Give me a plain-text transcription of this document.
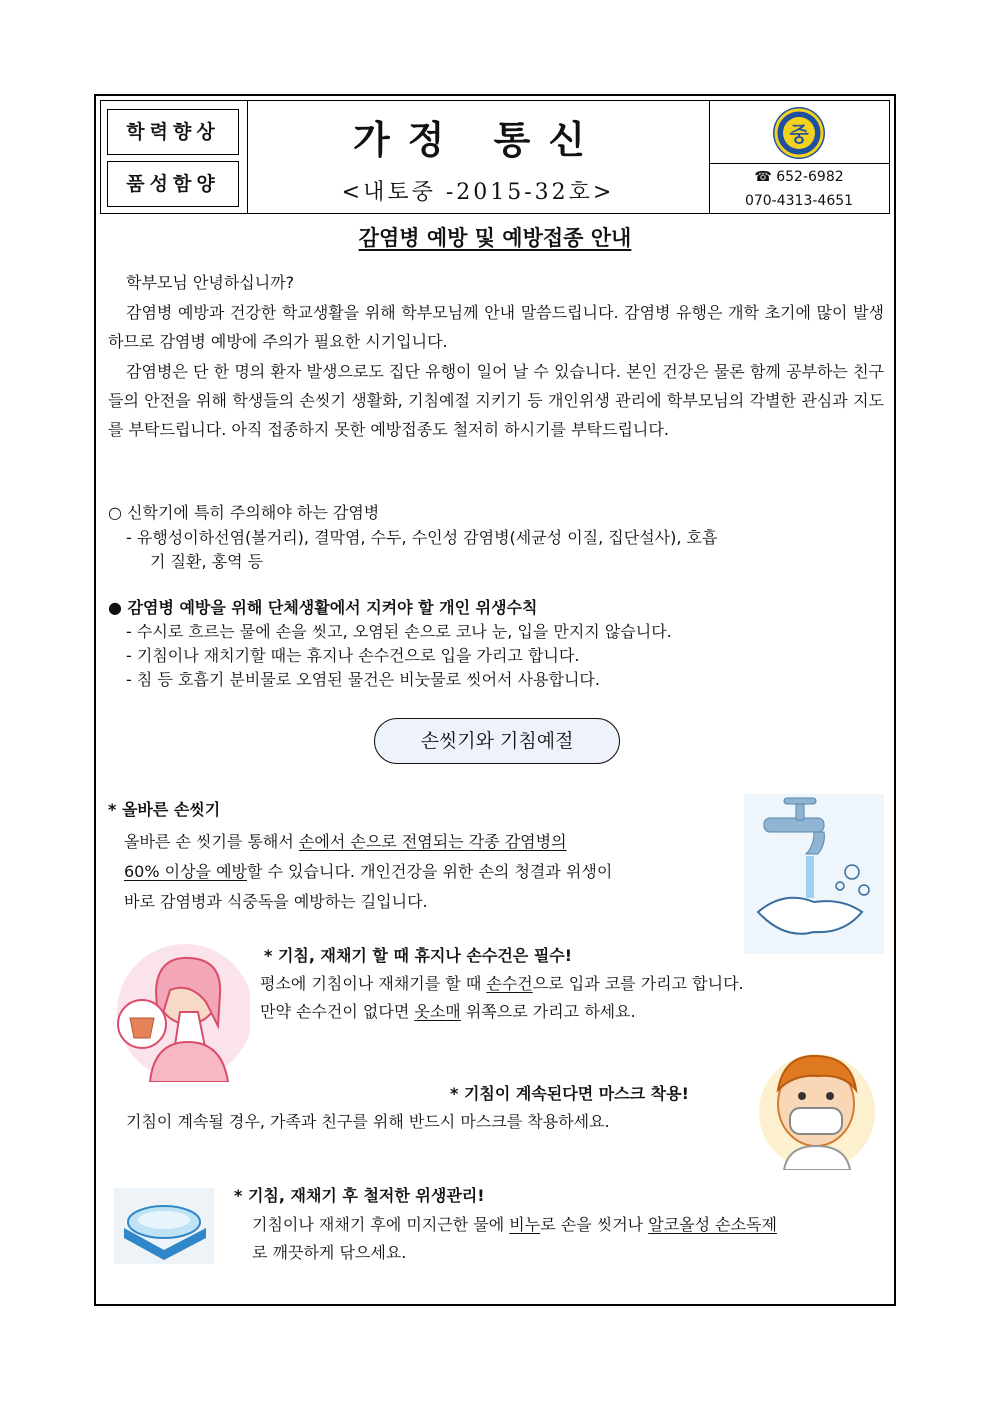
학력향상
품성함양
가정 통신
<내토중 -2015-32호>
중
☎ 652-6982
070-4313-4651
감염병 예방 및 예방접종 안내
학부모님 안녕하십니까?
감염병 예방과 건강한 학교생활을 위해 학부모님께 안내 말씀드립니다. 감염병 유행은 개학 초기에 많이 발생하므로 감염병 예방에 주의가 필요한 시기입니다.
감염병은 단 한 명의 환자 발생으로도 집단 유행이 일어 날 수 있습니다. 본인 건강은 물론 함께 공부하는 친구들의 안전을 위해 학생들의 손씻기 생활화, 기침예절 지키기 등 개인위생 관리에 학부모님의 각별한 관심과 지도를 부탁드립니다. 아직 접종하지 못한 예방접종도 철저히 하시기를 부탁드립니다.
○ 신학기에 특히 주의해야 하는 감염병
- 유행성이하선염(볼거리), 결막염, 수두, 수인성 감염병(세균성 이질, 집단설사), 호흡
기 질환, 홍역 등
● 감염병 예방을 위해 단체생활에서 지켜야 할 개인 위생수칙
- 수시로 흐르는 물에 손을 씻고, 오염된 손으로 코나 눈, 입을 만지지 않습니다.
- 기침이나 재치기할 때는 휴지나 손수건으로 입을 가리고 합니다.
- 침 등 호흡기 분비물로 오염된 물건은 비눗물로 씻어서 사용합니다.
손씻기와 기침예절
* 올바른 손씻기
올바른 손 씻기를 통해서 손에서 손으로 전염되는 각종 감염병의
60% 이상을 예방할 수 있습니다. 개인건강을 위한 손의 청결과 위생이
바로 감염병과 식중독을 예방하는 길입니다.
* 기침, 재채기 할 때 휴지나 손수건은 필수!
평소에 기침이나 재채기를 할 때 손수건으로 입과 코를 가리고 합니다.
만약 손수건이 없다면 옷소매 위쪽으로 가리고 하세요.
* 기침이 계속된다면 마스크 착용!
기침이 계속될 경우, 가족과 친구를 위해 반드시 마스크를 착용하세요.
* 기침, 재채기 후 철저한 위생관리!
기침이나 재채기 후에 미지근한 물에 비누로 손을 씻거나 알코올성 손소독제
로 깨끗하게 닦으세요.
